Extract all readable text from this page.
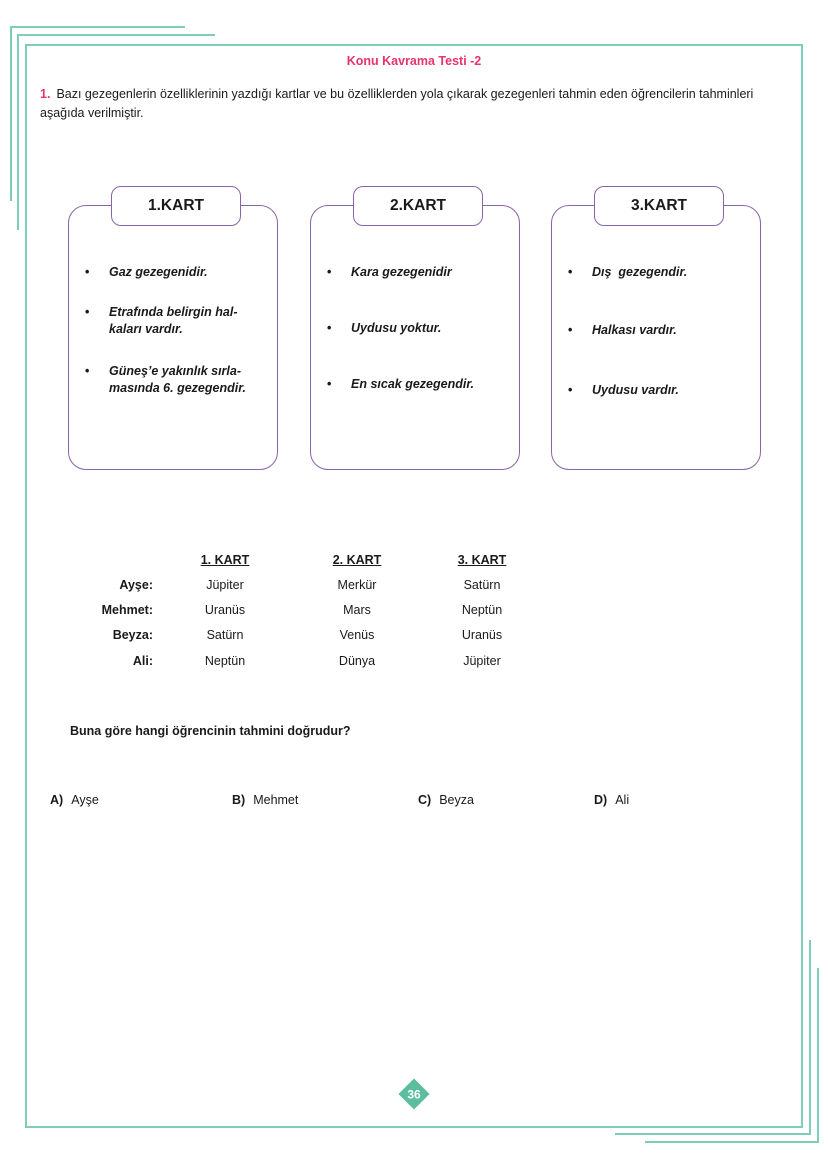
Konu Kavrama Testi -2
1. Bazı gezegenlerin özelliklerinin yazdığı kartlar ve bu özelliklerden yola çıkarak gezegenleri tahmin eden öğrencilerin tahminleri aşağıda verilmiştir.
• Gaz gezegenidir.
• Etrafında belirgin hal-
kaları vardır.
• Güneş’e yakınlık sırla-
masında 6. gezegendir.
1.KART
• Kara gezegenidir
• Uydusu yoktur.
• En sıcak gezegendir.
2.KART
• Dış  gezegendir.
• Halkası vardır.
• Uydusu vardır.
3.KART
1. KART	2. KART	3. KART
Ayşe:	Jüpiter	Merkür	Satürn
Mehmet:	Uranüs	Mars	Neptün
Beyza:	Satürn	Venüs	Uranüs
Ali:	Neptün	Dünya	Jüpiter
Buna göre hangi öğrencinin tahmini doğrudur?
A) Ayşe	B) Mehmet	C) Beyza	D) Ali
36
